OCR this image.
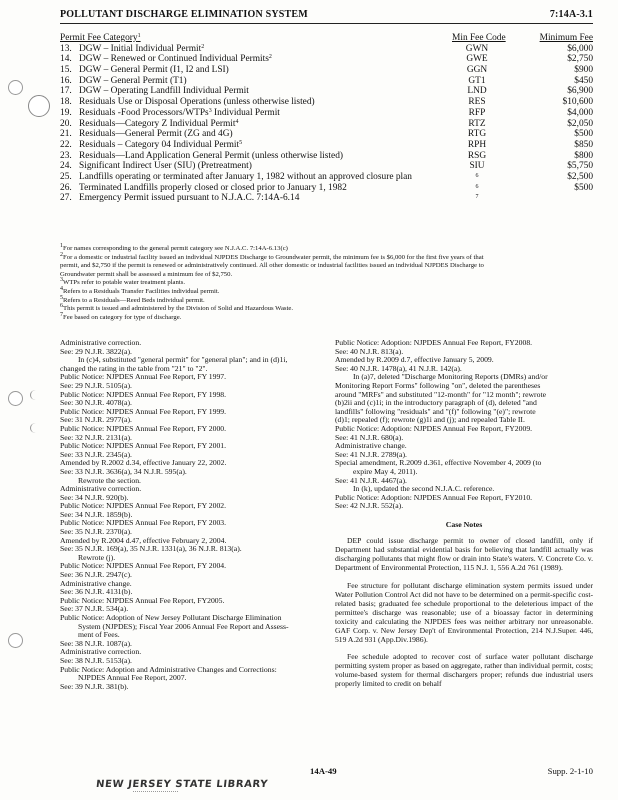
POLLUTANT DISCHARGE ELIMINATION SYSTEM	7:14A-3.1
Permit Fee Category$^1$	Min Fee Code	Minimum Fee
13. DGW – Initial Individual Permit$^2$	GWN	$6,000
14. DGW – Renewed or Continued Individual Permits$^2$	GWE	$2,750
15. DGW – General Permit (I1, I2 and LSI)	GGN	$900
16. DGW – General Permit (T1)	GT1	$450
17. DGW – Operating Landfill Individual Permit	LND	$6,900
18. Residuals Use or Disposal Operations (unless otherwise listed)	RES	$10,600
19. Residuals -Food Processors/WTPs$^3$ Individual Permit	RFP	$4,000
20. Residuals—Category Z Individual Permit$^4$	RTZ	$2,050
21. Residuals—General Permit (ZG and 4G)	RTG	$500
22. Residuals – Category 04 Individual Permit$^5$	RPH	$850
23. Residuals—Land Application General Permit (unless otherwise listed)	RSG	$800
24. Significant Indirect User (SIU) (Pretreatment)	SIU	$5,750
25. Landfills operating or terminated after January 1, 1982 without an approved closure plan	6	$2,500
26. Terminated Landfills properly closed or closed prior to January 1, 1982	6	$500
27. Emergency Permit issued pursuant to N.J.A.C. 7:14A-6.14	7
$^1$For names corresponding to the general permit category see N.J.A.C. 7:14A-6.13(c)
$^2$For a domestic or industrial facility issued an individual NJPDES Discharge to Groundwater permit, the minimum fee is $6,000 for the first five years of that
permit, and $2,750 if the permit is renewed or administratively continued. All other domestic or industrial facilities issued an individual NJPDES Discharge to
Groundwater permit shall be assessed a minimum fee of $2,750.
$^3$WTPs refer to potable water treatment plants.
$^4$Refers to a Residuals Transfer Facilities individual permit.
$^5$Refers to a Residuals—Reed Beds individual permit.
$^6$This permit is issued and administered by the Division of Solid and Hazardous Waste.
$^7$Fee based on category for type of discharge.

Administrative correction.

See: 29 N.J.R. 3822(a).

In (c)4, substituted "general permit" for "general plan"; and in (d)1i,

changed the rating in the table from "21" to "2".

Public Notice: NJPDES Annual Fee Report, FY 1997.

See: 29 N.J.R. 5105(a).

Public Notice: NJPDES Annual Fee Report, FY 1998.

See: 30 N.J.R. 4078(a).

Public Notice: NJPDES Annual Fee Report, FY 1999.

See: 31 N.J.R. 2977(a).

Public Notice: NJPDES Annual Fee Report, FY 2000.

See: 32 N.J.R. 2131(a).

Public Notice: NJPDES Annual Fee Report, FY 2001.

See: 33 N.J.R. 2345(a).

Amended by R.2002 d.34, effective January 22, 2002.

See: 33 N.J.R. 3636(a), 34 N.J.R. 595(a).

Rewrote the section.

Administrative correction.

See: 34 N.J.R. 920(b).

Public Notice: NJPDES Annual Fee Report, FY 2002.

See: 34 N.J.R. 1859(b).

Public Notice: NJPDES Annual Fee Report, FY 2003.

See: 35 N.J.R. 2370(a).

Amended by R.2004 d.47, effective February 2, 2004.

See: 35 N.J.R. 169(a), 35 N.J.R. 1331(a), 36 N.J.R. 813(a).

Rewrote (j).

Public Notice: NJPDES Annual Fee Report, FY 2004.

See: 36 N.J.R. 2947(c).

Administrative change.

See: 36 N.J.R. 4131(b).

Public Notice: NJPDES Annual Fee Report, FY2005.

See: 37 N.J.R. 534(a).

Public Notice: Adoption of New Jersey Pollutant Discharge Elimination

System (NJPDES); Fiscal Year 2006 Annual Fee Report and Assess-

ment of Fees.

See: 38 N.J.R. 1087(a).

Administrative correction.

See: 38 N.J.R. 5153(a).

Public Notice: Adoption and Administrative Changes and Corrections:

NJPDES Annual Fee Report, 2007.

See: 39 N.J.R. 381(b).

Public Notice: Adoption: NJPDES Annual Fee Report, FY2008.

See: 40 N.J.R. 813(a).

Amended by R.2009 d.7, effective January 5, 2009.

See: 40 N.J.R. 1478(a), 41 N.J.R. 142(a).

In (a)7, deleted "Discharge Monitoring Reports (DMRs) and/or

Monitoring Report Forms" following "on", deleted the parentheses

around "MRFs" and substituted "12-month" for "12 month"; rewrote

(b)2ii and (c)1i; in the introductory paragraph of (d), deleted "and

landfills" following "residuals" and "(f)" following "(e)"; rewrote

(d)1; repealed (f); rewrote (g)1i and (j); and repealed Table II.

Public Notice: Adoption: NJPDES Annual Fee Report, FY2009.

See: 41 N.J.R. 680(a).

Administrative change.

See: 41 N.J.R. 2789(a).

Special amendment, R.2009 d.361, effective November 4, 2009 (to

expire May 4, 2011).

See: 41 N.J.R. 4467(a).

In (k), updated the second N.J.A.C. reference.

Public Notice: Adoption: NJPDES Annual Fee Report, FY2010.

See: 42 N.J.R. 552(a).

Case Notes

DEP could issue discharge permit to owner of closed landfill, only if Department had substantial evidential basis for believing that landfill actually was discharging pollutants that might flow or drain into State's waters. V. Concrete Co. v. Department of Environmental Protection, 115 N.J. 1, 556 A.2d 761 (1989).

Fee structure for pollutant discharge elimination system permits issued under Water Pollution Control Act did not have to be determined on a permit-specific cost-related basis; graduated fee schedule proportional to the deleterious impact of the permittee's discharge was reasonable; use of a bioassay factor in determining toxicity and calculating the NJPDES fees was neither arbitrary nor unreasonable. GAF Corp. v. New Jersey Dep't of Environmental Protection, 214 N.J.Super. 446, 519 A.2d 931 (App.Div.1986).

Fee schedule adopted to recover cost of surface water pollutant discharge permitting system proper as based on aggregate, rather than individual permit, costs; volume-based system for thermal dischargers proper; refunds due industrial users properly limited to credit on behalf

14A-49	Supp. 2-1-10
NEW JERSEY STATE LIBRARY
